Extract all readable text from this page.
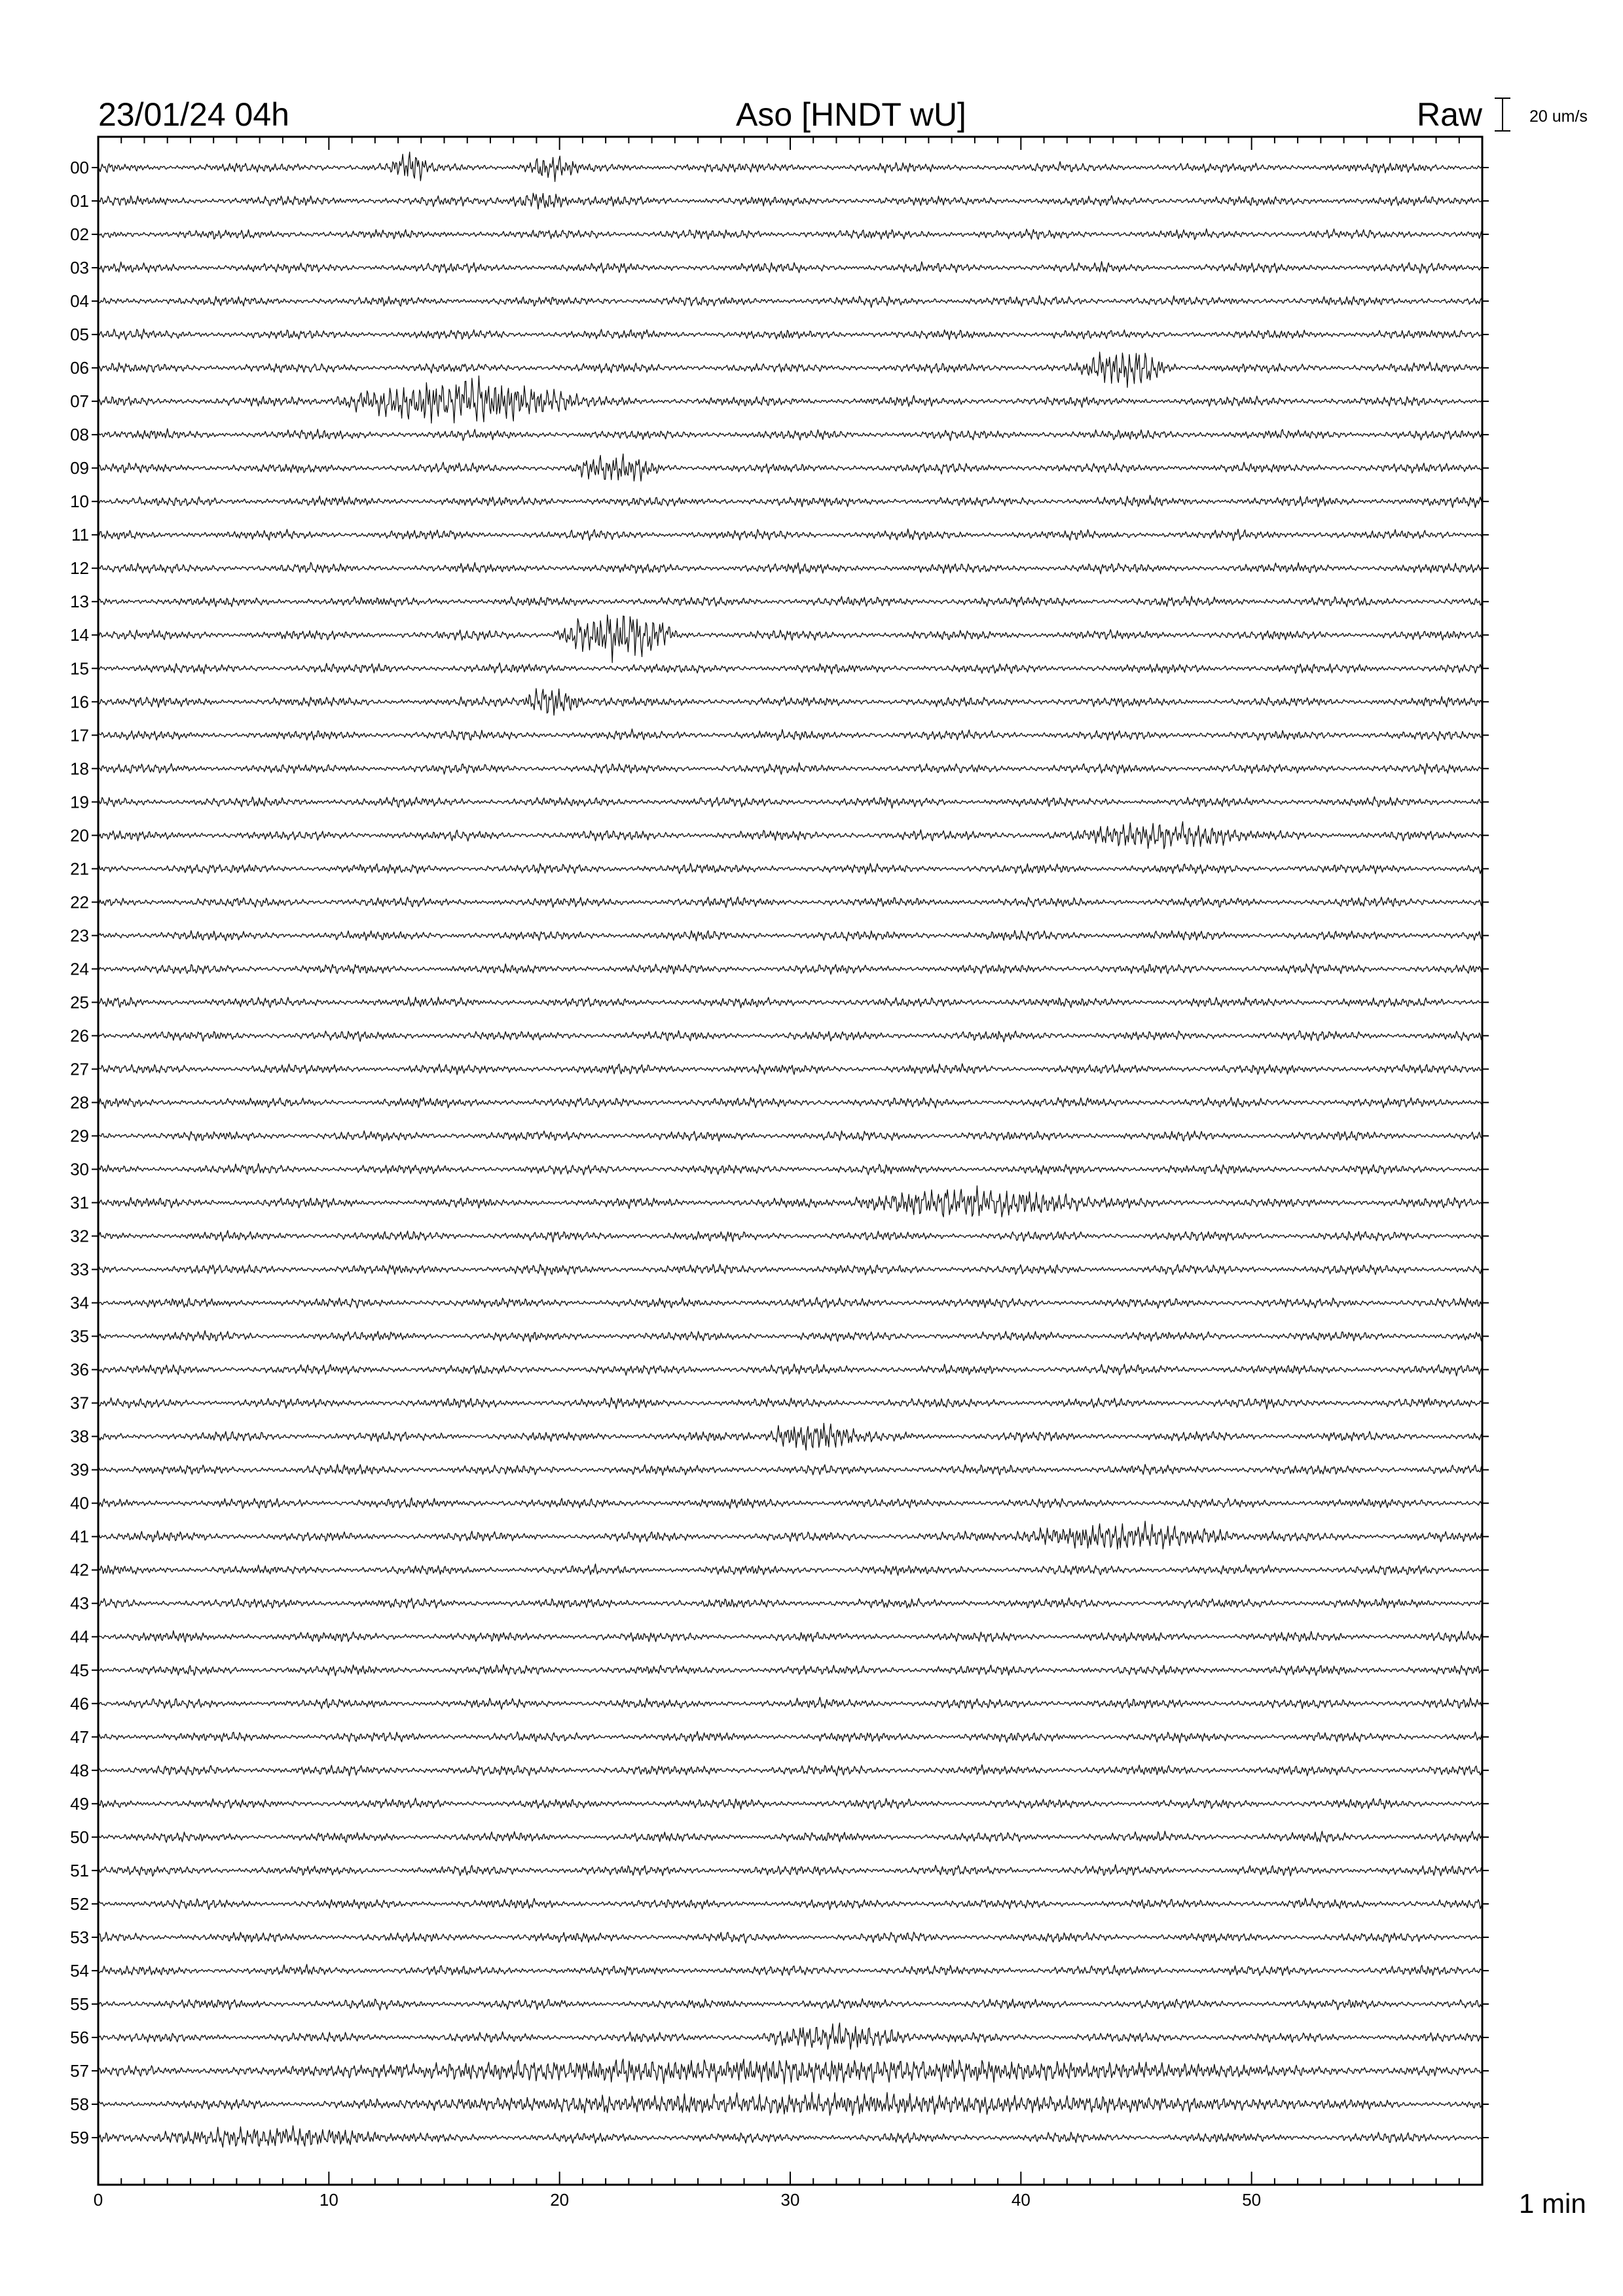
23/01/24 04h	Aso [HNDT wU]	Raw	20 um/s
1 min
00
01
02
03
04
05
06
07
08
09
10
11
12
13
14
15
16
17
18
19
20
21
22
23
24
25
26
27
28
29
30
31
32
33
34
35
36
37
38
39
40
41
42
43
44
45
46
47
48
49
50
51
52
53
54
55
56
57
58
59
0	10	20	30	40	50
